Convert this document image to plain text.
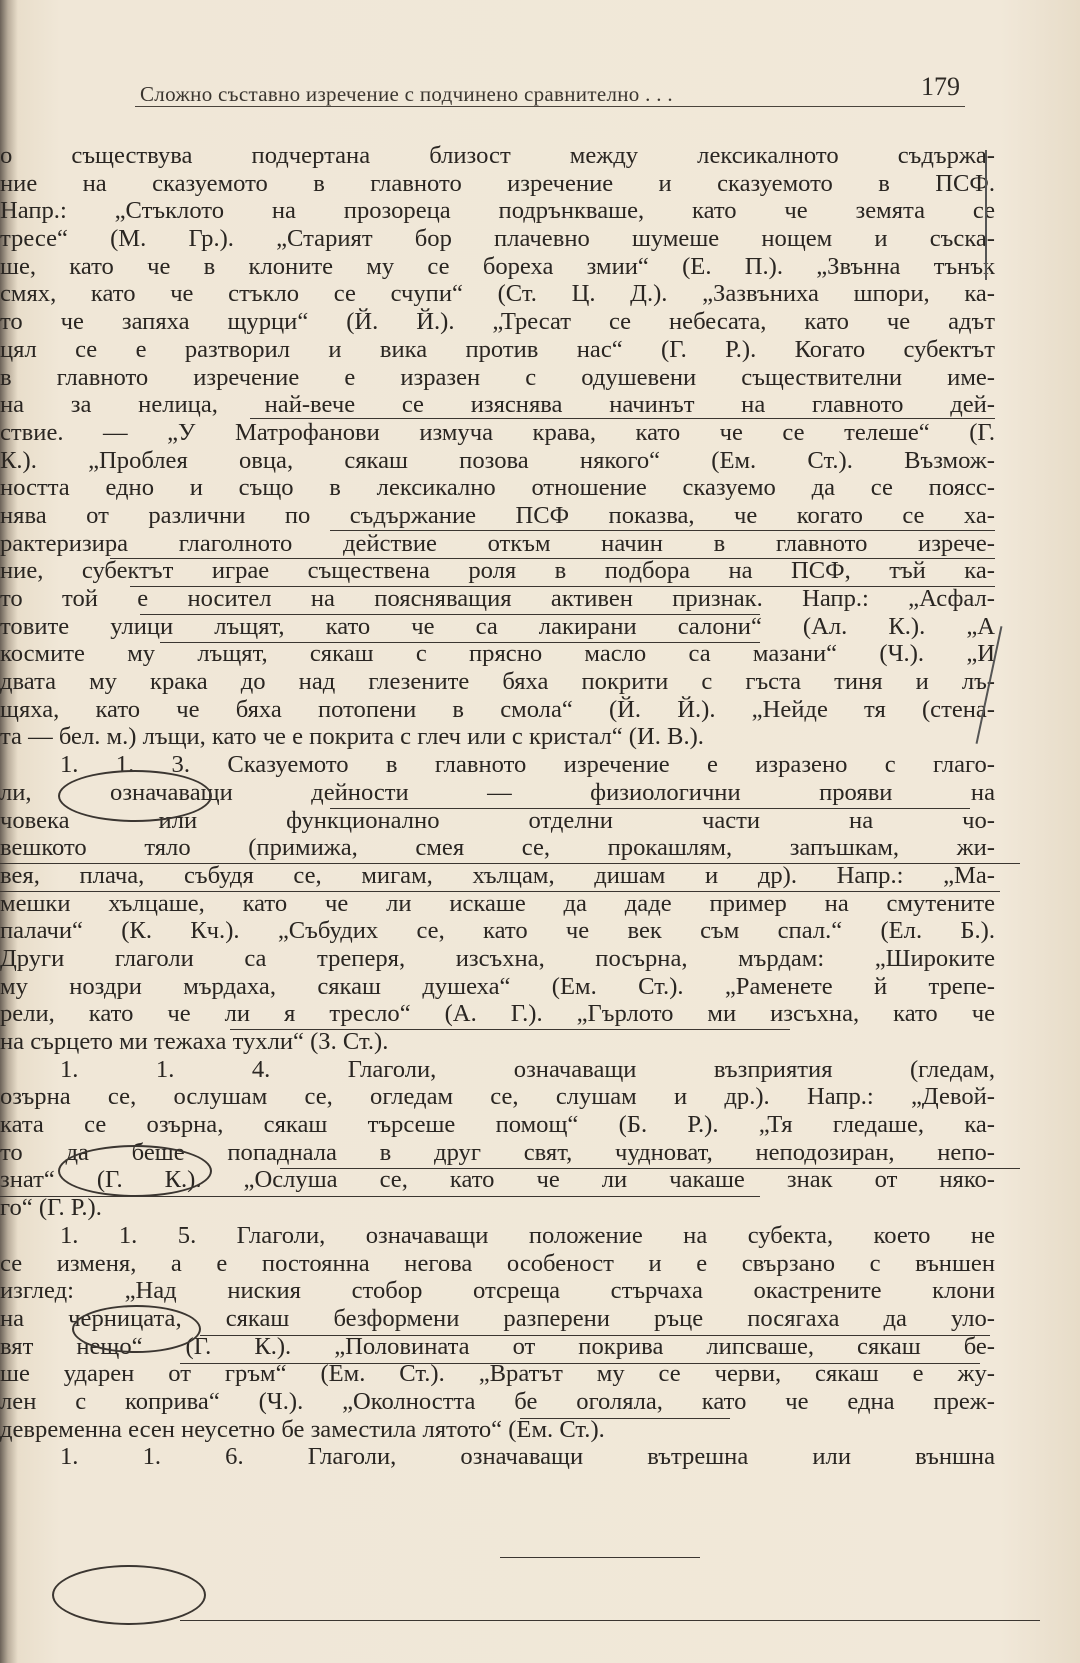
Сложно съставно изречение с подчинено сравнително . . .	179
о съществува подчертана близост между лексикалното съдържа-
ние на сказуемото в главното изречение и сказуемото в ПСФ.
Напр.: „Стъклото на прозореца подрънкваше, като че земята се
тресе“ (М. Гр.). „Старият бор плачевно шумеше нощем и съска-
ше, като че в клоните му се бореха змии“ (Е. П.). „Звънна тънък
смях, като че стъкло се счупи“ (Ст. Ц. Д.). „Зазвъниха шпори, ка-
то че запяха щурци“ (Й. Й.). „Тресат се небесата, като че адът
цял се е разтворил и вика против нас“ (Г. Р.). Когато субектът
в главното изречение е изразен с одушевени съществителни име-
на за нелица, най-вече се изяснява начинът на главното дей-
ствие. — „У Матрофанови измуча крава, като че се телеше“ (Г.
К.). „Проблея овца, сякаш позова някого“ (Ем. Ст.). Възмож-
ността едно и също в лексикално отношение сказуемо да се поясс-
нява от различни по съдържание ПСФ показва, че когато се ха-
рактеризира глаголното действие откъм начин в главното изрече-
ние, субектът играе съществена роля в подбора на ПСФ, тъй ка-
то той е носител на поясняващия активен признак. Напр.: „Асфал-
товите улици лъщят, като че са лакирани салони“ (Ал. К.). „А
космите му лъщят, сякаш с прясно масло са мазани“ (Ч.). „И
двата му крака до над глезените бяха покрити с гъста тиня и лъ-
щяха, като че бяха потопени в смола“ (Й. Й.). „Нейде тя (стена-
та — бел. м.) лъщи, като че е покрита с глеч или с кристал“ (И. В.).
1. 1. 3. Сказуемото в главното изречение е изразено с глаго-
ли, означаващи дейности — физиологични прояви на
човека или функционално отделни части на чо-
вешкото тяло (примижа, смея се, прокашлям, запъшкам, жи-
вея, плача, събудя се, мигам, хълцам, дишам и др). Напр.: „Ма-
мешки хълцаше, като че ли искаше да даде пример на смутените
палачи“ (К. Кч.). „Събудих се, като че век съм спал.“ (Ел. Б.).
Други глаголи са треперя, изсъхна, посърна, мърдам: „Широките
му ноздри мърдаха, сякаш душеха“ (Ем. Ст.). „Раменете й трепе-
рели, като че ли я тресло“ (А. Г.). „Гърлото ми изсъхна, като че
на сърцето ми тежаха тухли“ (З. Ст.).
1. 1. 4. Глаголи, означаващи възприятия (гледам,
озърна се, ослушам се, огледам се, слушам и др.). Напр.: „Девой-
ката се озърна, сякаш търсеше помощ“ (Б. Р.). „Тя гледаше, ка-
то да беше попаднала в друг свят, чудноват, неподозиран, непо-
знат“ (Г. К.). „Ослуша се, като че ли чакаше знак от няко-
го“ (Г. Р.).
1. 1. 5. Глаголи, означаващи положение на субекта, което не
се изменя, а е постоянна негова особеност и е свързано с външен
изглед: „Над ниския стобор отсреща стърчаха окастрените клони
на черницата, сякаш безформени разперени ръце посягаха да уло-
вят нещо“ (Г. К.). „Половината от покрива липсваше, сякаш бе-
ше ударен от гръм“ (Ем. Ст.). „Вратът му се черви, сякаш е жу-
лен с коприва“ (Ч.). „Околността бе оголяла, като че една преж-
девременна есен неусетно бе заместила лятото“ (Ем. Ст.).
1. 1. 6. Глаголи, означаващи вътрешна или външна
